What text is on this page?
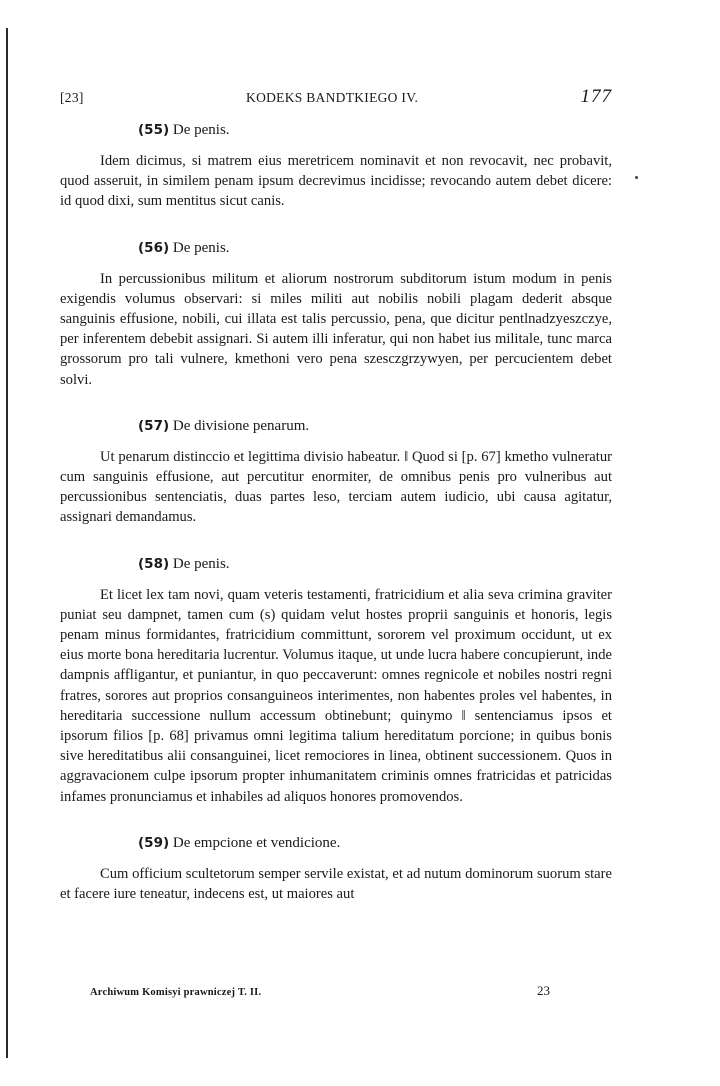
[23]	KODEKS BANDTKIEGO IV.	177
(55) De penis.

Idem dicimus, si matrem eius meretricem nominavit et non revocavit, nec probavit, quod asseruit, in similem penam ipsum decrevimus incidisse; revocando autem debet dicere: id quod dixi, sum mentitus sicut canis.

(56) De penis.

In percussionibus militum et aliorum nostrorum subditorum istum modum in penis exigendis volumus observari: si miles militi aut nobilis nobili plagam dederit absque sanguinis effusione, nobili, cui illata est talis percussio, pena, que dicitur pentlnadzyeszczye, per inferentem debebit assignari. Si autem illi inferatur, qui non habet ius militale, tunc marca grossorum pro tali vulnere, kmethoni vero pena szesczgrzywyen, per percucientem debet solvi.

(57) De divisione penarum.

Ut penarum distinccio et legittima divisio habeatur. ‖ Quod si [p. 67] kmetho vulneratur cum sanguinis effusione, aut percutitur enormiter, de omnibus penis pro vulneribus aut percussionibus sentenciatis, duas partes leso, terciam autem iudicio, ubi causa agitatur, assignari demandamus.

(58) De penis.

Et licet lex tam novi, quam veteris testamenti, fratricidium et alia seva crimina graviter puniat seu dampnet, tamen cum (s) quidam velut hostes proprii sanguinis et honoris, legis penam minus formidantes, fratricidium committunt, sororem vel proximum occidunt, ut ex eius morte bona hereditaria lucrentur. Volumus itaque, ut unde lucra habere concupierunt, inde dampnis affligantur, et puniantur, in quo peccaverunt: omnes regnicole et nobiles nostri regni fratres, sorores aut proprios consanguineos interimentes, non habentes proles vel habentes, in hereditaria successione nullum accessum obtinebunt; quinymo ‖ sentenciamus ipsos et ipsorum filios [p. 68] privamus omni legitima talium hereditatum porcione; in quibus bonis sive hereditatibus alii consanguinei, licet remociores in linea, obtinent successionem. Quos in aggravacionem culpe ipsorum propter inhumanitatem criminis omnes fratricidas et patricidas infames pronunciamus et inhabiles ad aliquos honores promovendos.

(59) De empcione et vendicione.

Cum officium scultetorum semper servile existat, et ad nutum dominorum suorum stare et facere iure teneatur, indecens est, ut maiores aut

Archiwum Komisyi prawniczej T. II.	23
